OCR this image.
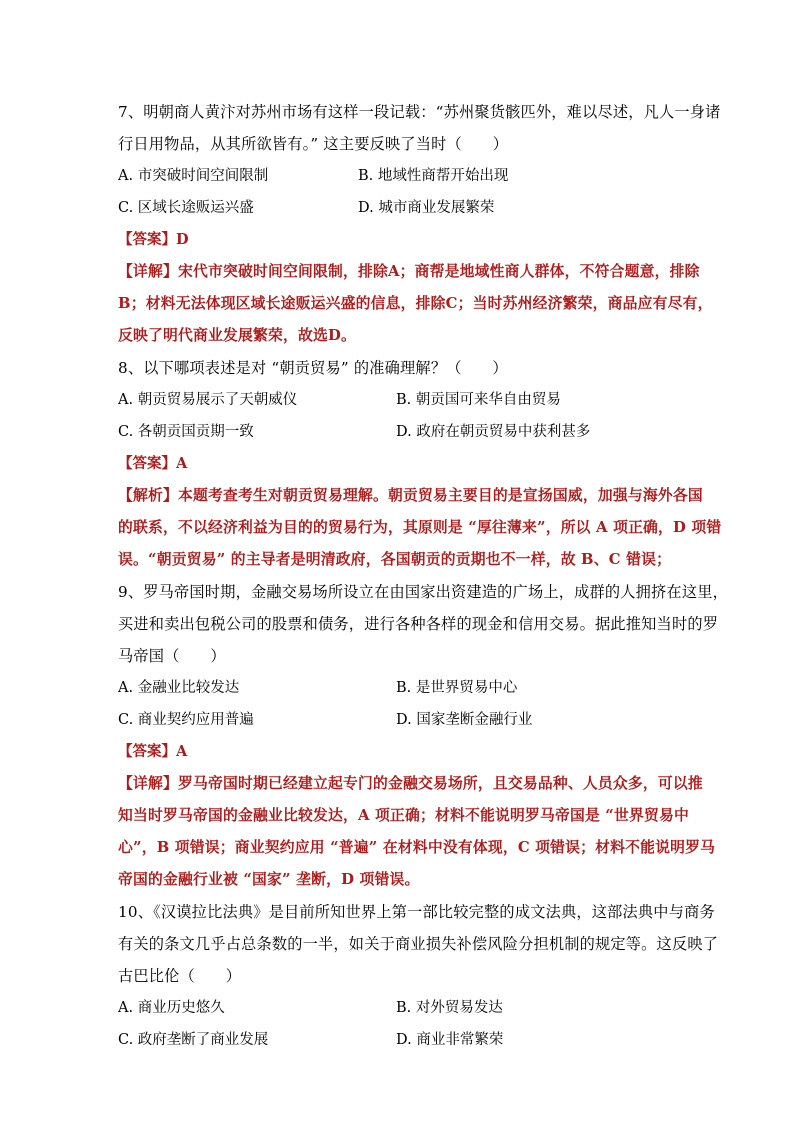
7、明朝商人黄汴对苏州市场有这样一段记载：“苏州聚货骸匹外，难以尽述，凡人一身诸
行日用物品，从其所欲皆有。” 这主要反映了当时（　　）
A. 市突破时间空间限制	B. 地域性商帮开始出现
C. 区域长途贩运兴盛	D. 城市商业发展繁荣
【答案】D
【详解】宋代市突破时间空间限制，排除A；商帮是地域性商人群体，不符合题意，排除
B；材料无法体现区域长途贩运兴盛的信息，排除C；当时苏州经济繁荣，商品应有尽有，
反映了明代商业发展繁荣，故选D。
8、以下哪项表述是对 “朝贡贸易” 的准确理解？（　　）
A. 朝贡贸易展示了天朝威仪	B. 朝贡国可来华自由贸易
C. 各朝贡国贡期一致	D. 政府在朝贡贸易中获利甚多
【答案】A
【解析】本题考查考生对朝贡贸易理解。朝贡贸易主要目的是宣扬国威，加强与海外各国
的联系，不以经济利益为目的的贸易行为，其原则是 “厚往薄来”，所以 A 项正确，D 项错
误。“朝贡贸易” 的主导者是明清政府，各国朝贡的贡期也不一样，故 B、C 错误；
9、罗马帝国时期，金融交易场所设立在由国家出资建造的广场上，成群的人拥挤在这里，
买进和卖出包税公司的股票和债务，进行各种各样的现金和信用交易。据此推知当时的罗
马帝国（　　）
A. 金融业比较发达	B. 是世界贸易中心
C. 商业契约应用普遍	D. 国家垄断金融行业
【答案】A
【详解】罗马帝国时期已经建立起专门的金融交易场所，且交易品种、人员众多，可以推
知当时罗马帝国的金融业比较发达，A 项正确；材料不能说明罗马帝国是 “世界贸易中
心”，B 项错误；商业契约应用 “普遍” 在材料中没有体现，C 项错误；材料不能说明罗马
帝国的金融行业被 “国家” 垄断，D 项错误。
10、《汉谟拉比法典》是目前所知世界上第一部比较完整的成文法典，这部法典中与商务
有关的条文几乎占总条数的一半，如关于商业损失补偿风险分担机制的规定等。这反映了
古巴比伦（　　）
A. 商业历史悠久	B. 对外贸易发达
C. 政府垄断了商业发展	D. 商业非常繁荣
